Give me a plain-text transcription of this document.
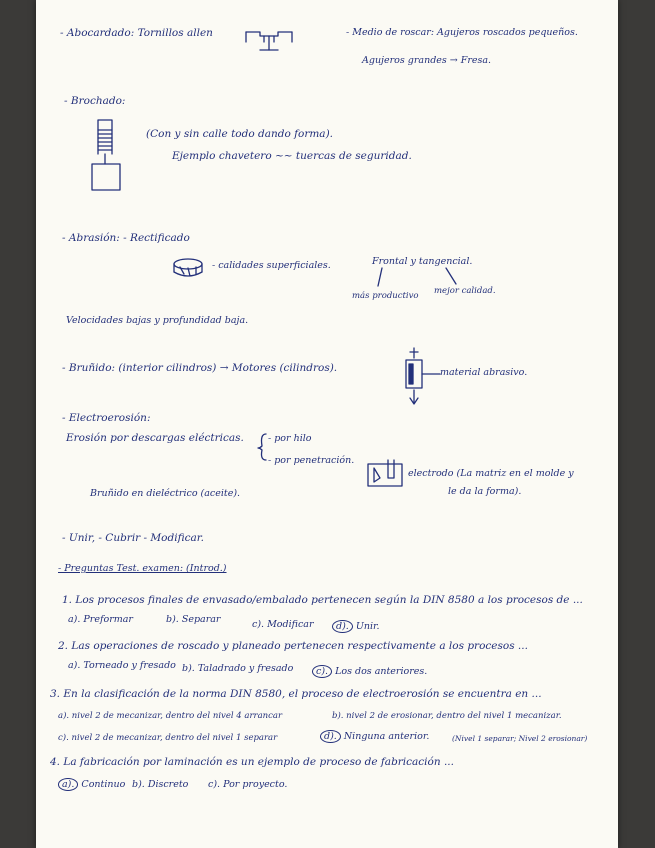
- Abocardado: Tornillos allen	- Medio de roscar: Agujeros roscados pequeños.
Agujeros grandes → Fresa.
- Brochado:
(Con y sin calle todo dando forma).
Ejemplo chavetero ~~ tuercas de seguridad.
- Abrasión: - Rectificado
- calidades superficiales.	Frontal y tangencial.
más productivo mejor calidad.
Velocidades bajas y profundidad baja.
- Bruñido: (interior cilindros) → Motores (cilindros).	material abrasivo.
- Electroerosión:
Erosión por descargas eléctricas.	- por hilo
- por penetración.
electrodo (La matriz en el molde y
le da la forma).
Bruñido en dieléctrico (aceite).
- Unir, - Cubrir - Modificar.
- Preguntas Test. examen: (Introd.)
1. Los procesos finales de envasado/embalado pertenecen según la DIN 8580 a los procesos de ...
a). Preformar	b). Separar	c). Modificar	d). Unir.
2. Las operaciones de roscado y planeado pertenecen respectivamente a los procesos ...
a). Torneado y fresado b). Taladrado y fresado	c). Los dos anteriores.
3. En la clasificación de la norma DIN 8580, el proceso de electroerosión se encuentra en ...
a). nivel 2 de mecanizar, dentro del nivel 4 arrancar	b). nivel 2 de erosionar, dentro del nivel 1 mecanizar.
c). nivel 2 de mecanizar, dentro del nivel 1 separar	d). Ninguna anterior.	(Nivel 1 separar; Nivel 2 erosionar)
4. La fabricación por laminación es un ejemplo de proceso de fabricación ...
a). Continuo b). Discreto c). Por proyecto.
